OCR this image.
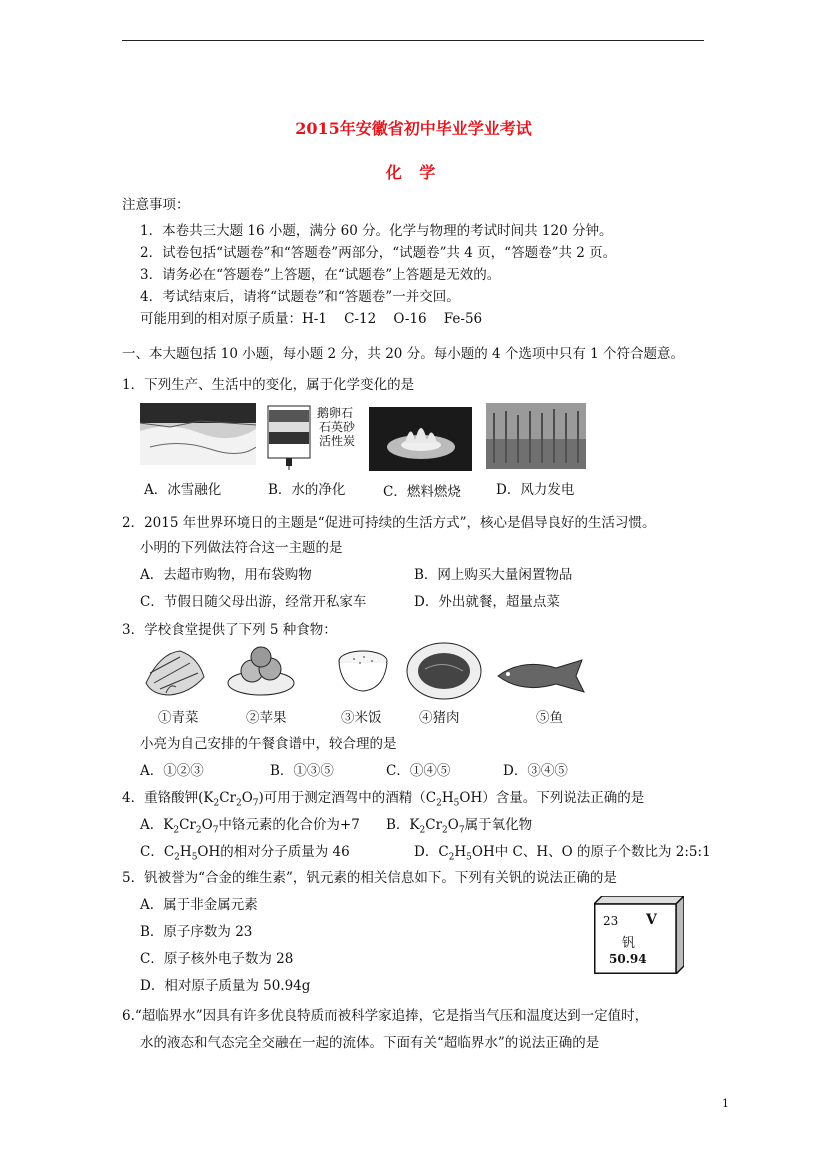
2015年安徽省初中毕业学业考试
化 学
注意事项：
1．本卷共三大题 16 小题，满分 60 分。化学与物理的考试时间共 120 分钟。
2．试卷包括“试题卷”和“答题卷”两部分，“试题卷”共 4 页，“答题卷”共 2 页。
3．请务必在“答题卷”上答题，在“试题卷”上答题是无效的。
4．考试结束后，请将“试题卷”和“答题卷”一并交回。
可能用到的相对原子质量：H-1    C-12    O-16    Fe-56
一、本大题包括 10 小题，每小题 2 分，共 20 分。每小题的 4 个选项中只有 1 个符合题意。
1．下列生产、生活中的变化，属于化学变化的是
鹅卵石
石英砂
活性炭
A．冰雪融化	B．水的净化	C．燃料燃烧	D．风力发电
2．2015 年世界环境日的主题是“促进可持续的生活方式”，核心是倡导良好的生活习惯。
小明的下列做法符合这一主题的是
A．去超市购物，用布袋购物	B．网上购买大量闲置物品
C．节假日随父母出游，经常开私家车	D．外出就餐，超量点菜
3．学校食堂提供了下列 5 种食物：
①青菜	②苹果	③米饭	④猪肉	⑤鱼
小亮为自己安排的午餐食谱中，较合理的是
A．①②③	B．①③⑤	C．①④⑤	D．③④⑤
4．重铬酸钾$(K_2Cr_2O_7)$可用于测定酒驾中的酒精$(C_2H_5OH)$含量。下列说法正确的是
A．$K_2Cr_2O_7$中铬元素的化合价为+7 B．$K_2Cr_2O_7$属于氧化物
C．$C_2H_5OH$的相对分子质量为 46	D．$C_2H_5OH$中 C、H、O 的原子个数比为 2:5:1
5．钒被誉为“合金的维生素”，钒元素的相关信息如下。下列有关钒的说法正确的是
A．属于非金属元素
B．原子序数为 23
C．原子核外电子数为 28
D．相对原子质量为 50.94g
23 V
钒
50.94
6.“超临界水”因具有许多优良特质而被科学家追捧，它是指当气压和温度达到一定值时，
水的液态和气态完全交融在一起的流体。下面有关“超临界水”的说法正确的是
1
